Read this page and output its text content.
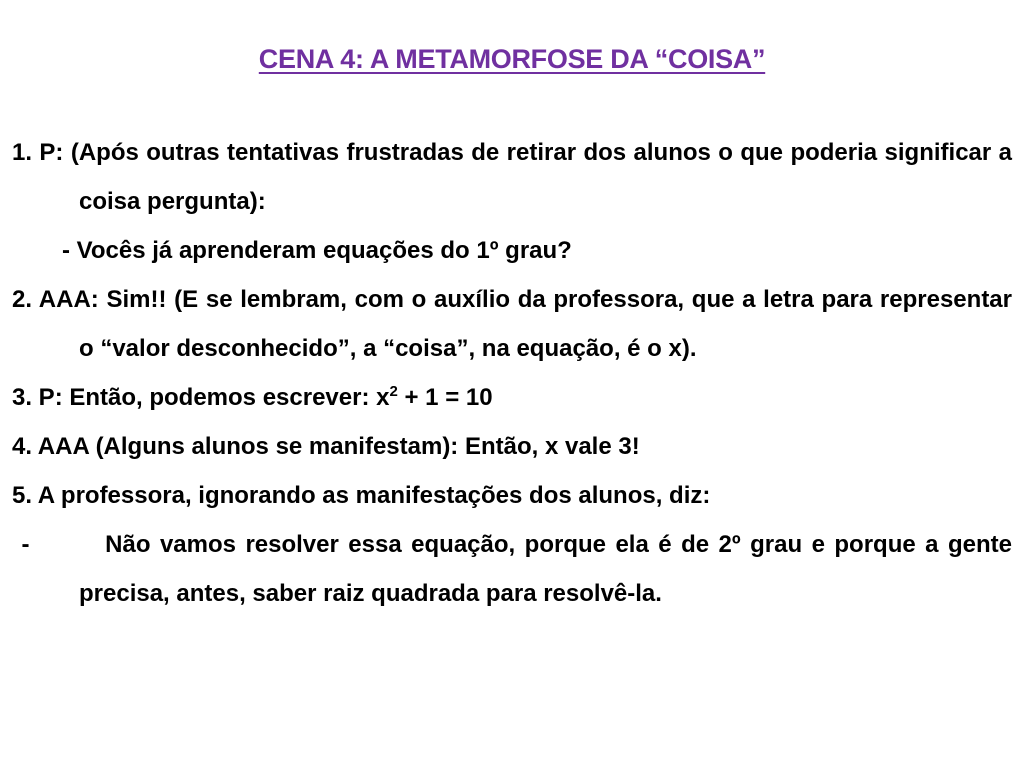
CENA 4: A METAMORFOSE DA “COISA”

1. P: (Após outras tentativas frustradas de retirar dos alunos o que poderia significar a coisa pergunta):

- Vocês já aprenderam equações do 1º grau?

2. AAA: Sim!! (E se lembram, com o auxílio da professora, que a letra para representar o “valor desconhecido”, a “coisa”, na equação, é o x).

3. P: Então, podemos escrever: $x^2 + 1 = 10$

4. AAA (Alguns alunos se manifestam): Então, x vale 3!

5. A professora, ignorando as manifestações dos alunos, diz:

-        Não vamos resolver essa equação, porque ela é de 2º grau e porque a gente precisa, antes, saber raiz quadrada para resolvê-la.
